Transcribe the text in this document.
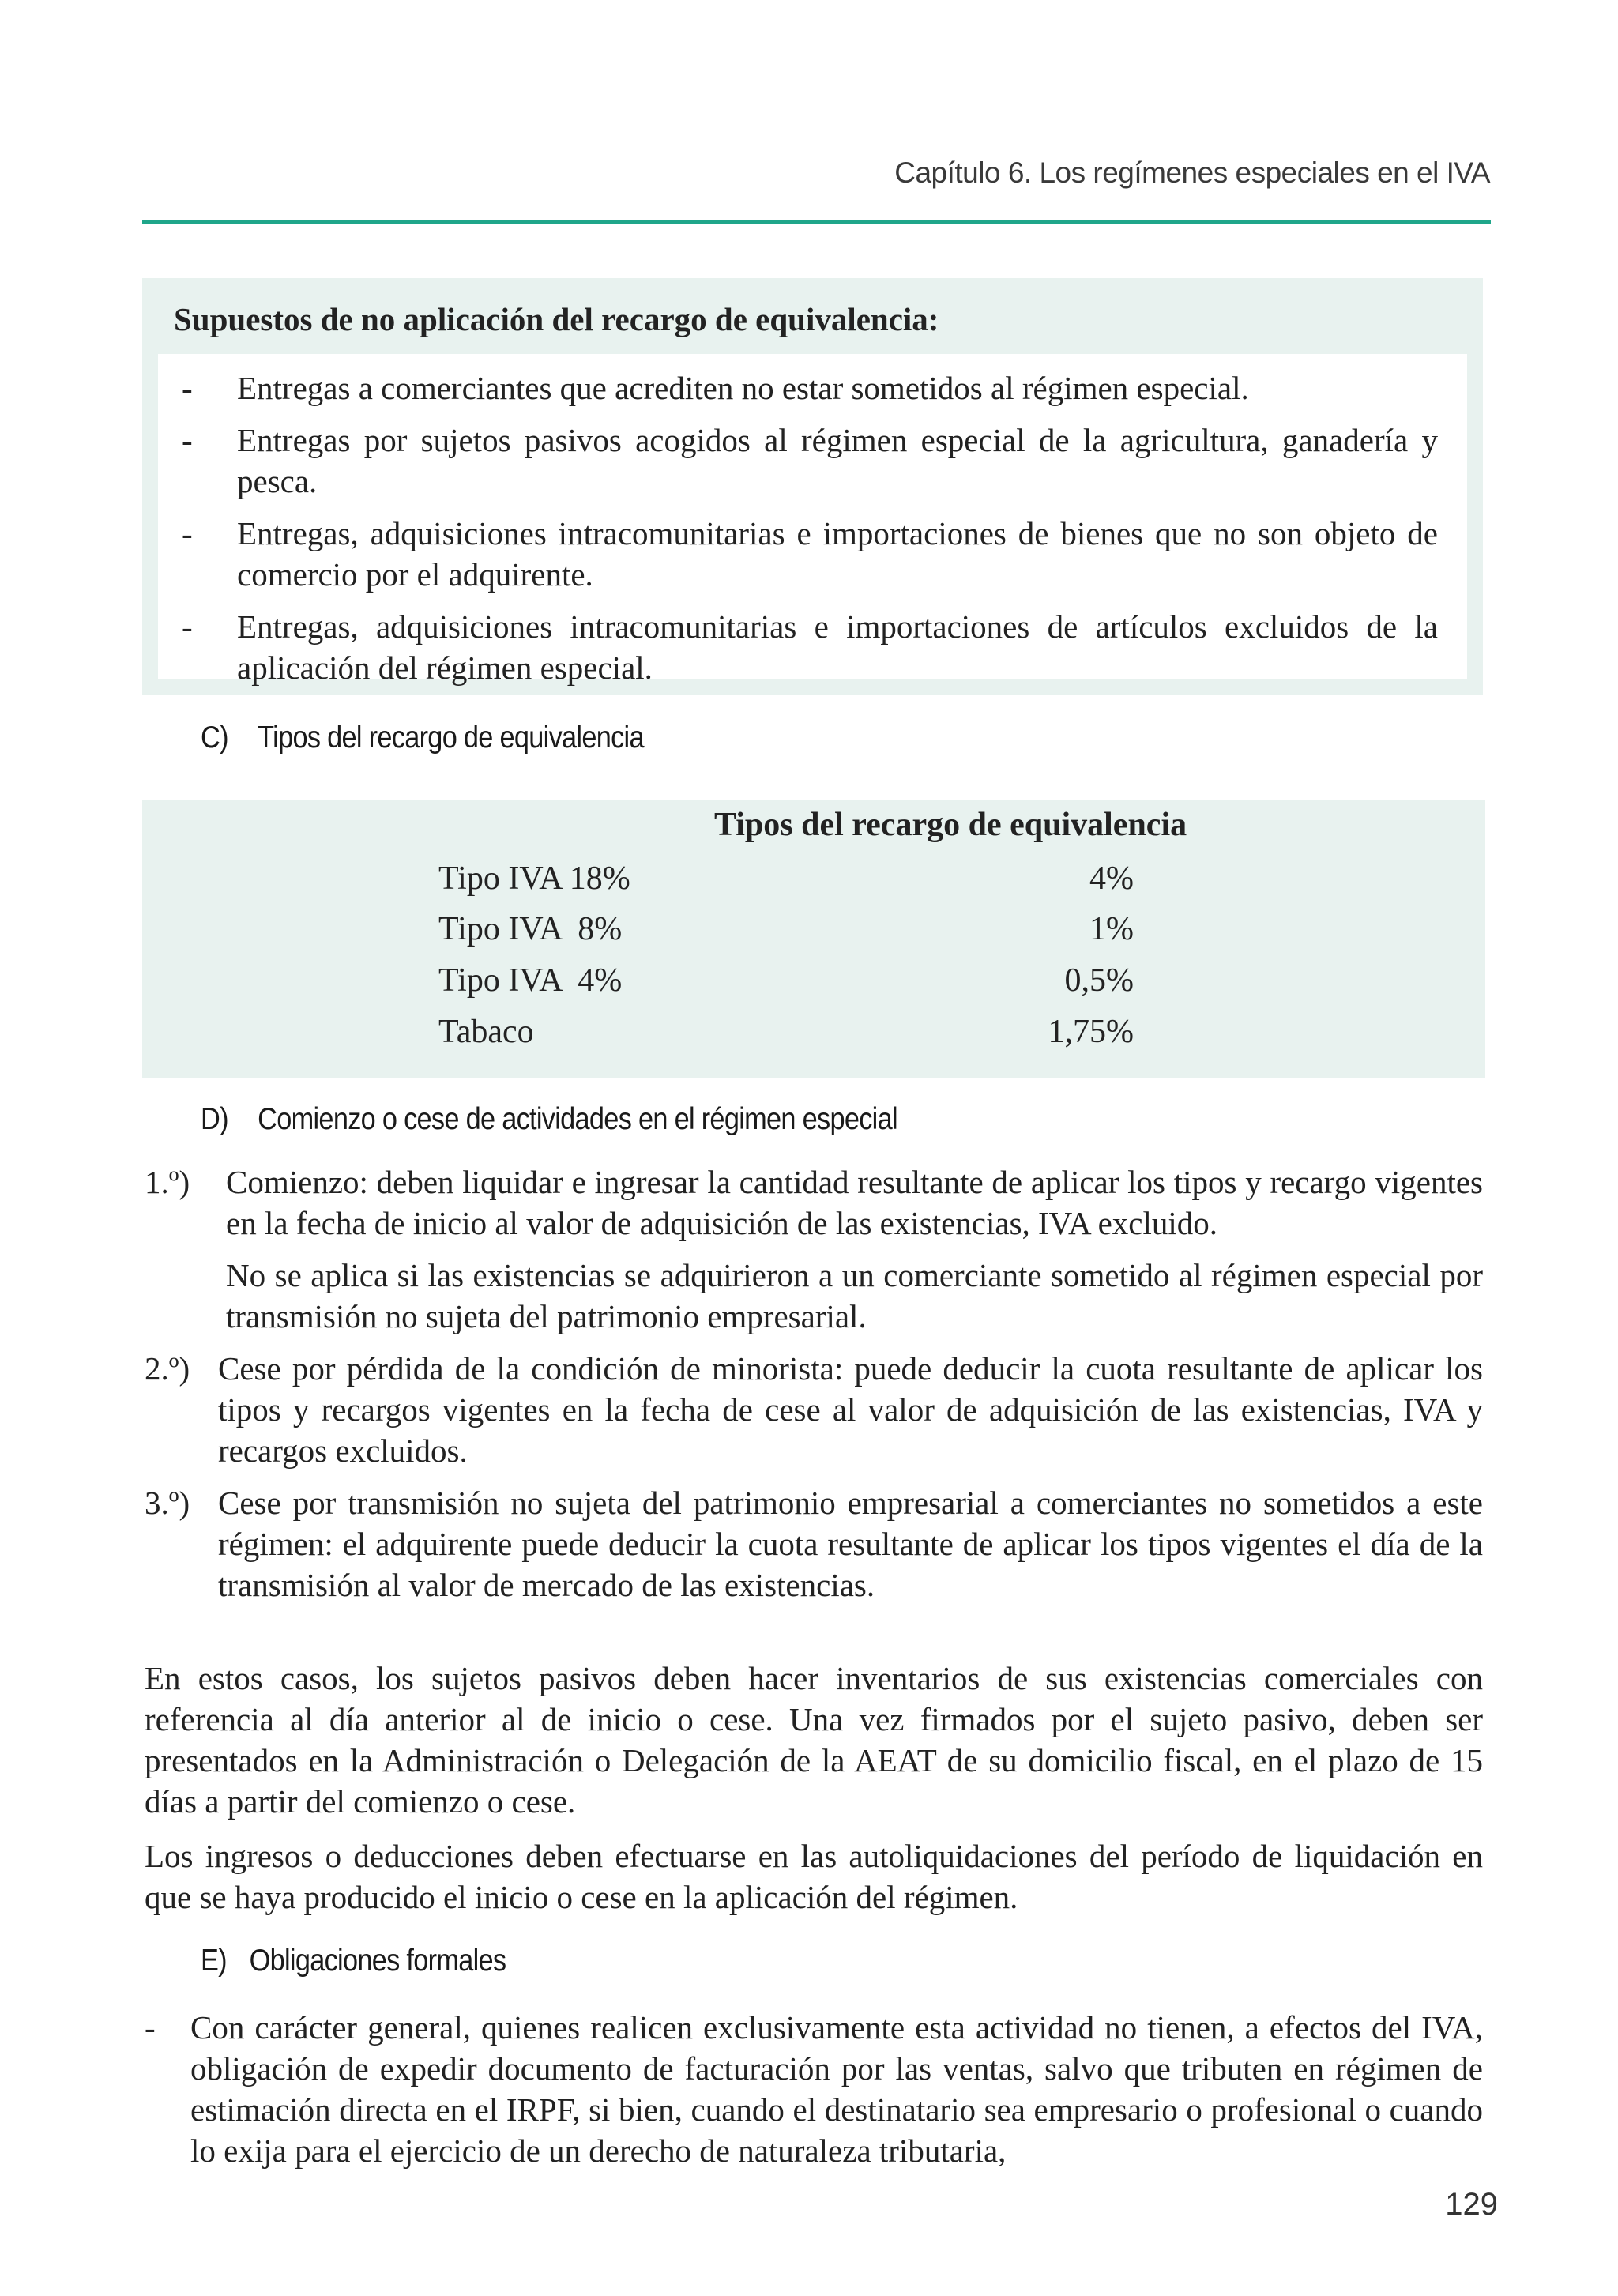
Capítulo 6. Los regímenes especiales en el IVA
Supuestos de no aplicación del recargo de equivalencia:
- Entregas a comerciantes que acrediten no estar sometidos al régimen especial.
- Entregas por sujetos pasivos acogidos al régimen especial de la agricultura, ganadería y pesca.
- Entregas, adquisiciones intracomunitarias e importaciones de bienes que no son objeto de comercio por el adquirente.
- Entregas, adquisiciones intracomunitarias e importaciones de artículos excluidos de la aplicación del régimen especial.
C) Tipos del recargo de equivalencia
Tipos del recargo de equivalencia
Tipo IVA 18%	4%
Tipo IVA  8%	1%
Tipo IVA  4%	0,5%
Tabaco	1,75%
D) Comienzo o cese de actividades en el régimen especial
1.º) Comienzo: deben liquidar e ingresar la cantidad resultante de aplicar los tipos y recargo vigentes en la fecha de inicio al valor de adquisición de las existencias, IVA excluido.

No se aplica si las existencias se adquirieron a un comerciante sometido al régimen especial por transmisión no sujeta del patrimonio empresarial.

2.º) Cese por pérdida de la condición de minorista: puede deducir la cuota resultante de aplicar los tipos y recargos vigentes en la fecha de cese al valor de adquisición de las existencias, IVA y recargos excluidos.

3.º) Cese por transmisión no sujeta del patrimonio empresarial a comerciantes no sometidos a este régimen: el adquirente puede deducir la cuota resultante de aplicar los tipos vigentes el día de la transmisión al valor de mercado de las existencias.

En estos casos, los sujetos pasivos deben hacer inventarios de sus existencias comerciales con referencia al día anterior al de inicio o cese. Una vez firmados por el sujeto pasivo, deben ser presentados en la Administración o Delegación de la AEAT de su domicilio fiscal, en el plazo de 15 días a partir del comienzo o cese.
Los ingresos o deducciones deben efectuarse en las autoliquidaciones del período de liquidación en que se haya producido el inicio o cese en la aplicación del régimen.
E) Obligaciones formales
- Con carácter general, quienes realicen exclusivamente esta actividad no tienen, a efectos del IVA, obligación de expedir documento de facturación por las ventas, salvo que tributen en régimen de estimación directa en el IRPF, si bien, cuando el destinatario sea empresario o profesional o cuando lo exija para el ejercicio de un derecho de naturaleza tributaria,

129
